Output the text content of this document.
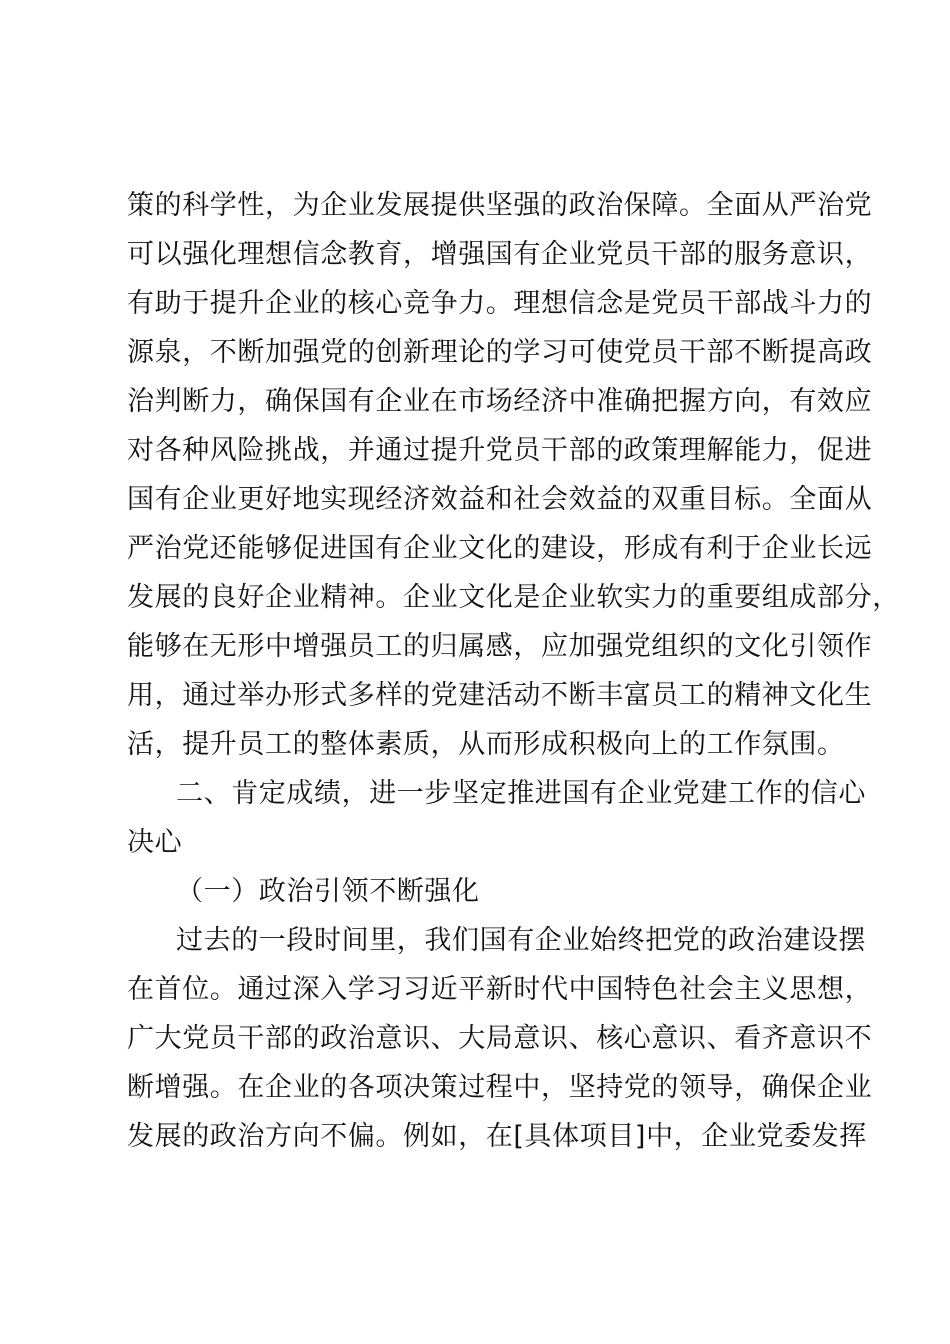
策的科学性，为企业发展提供坚强的政治保障。全面从严治党
可以强化理想信念教育，增强国有企业党员干部的服务意识，
有助于提升企业的核心竞争力。理想信念是党员干部战斗力的
源泉，不断加强党的创新理论的学习可使党员干部不断提高政
治判断力，确保国有企业在市场经济中准确把握方向，有效应
对各种风险挑战，并通过提升党员干部的政策理解能力，促进
国有企业更好地实现经济效益和社会效益的双重目标。全面从
严治党还能够促进国有企业文化的建设，形成有利于企业长远
发展的良好企业精神。企业文化是企业软实力的重要组成部分，
能够在无形中增强员工的归属感，应加强党组织的文化引领作
用，通过举办形式多样的党建活动不断丰富员工的精神文化生
活，提升员工的整体素质，从而形成积极向上的工作氛围。
二、肯定成绩，进一步坚定推进国有企业党建工作的信心
决心
（一）政治引领不断强化
过去的一段时间里，我们国有企业始终把党的政治建设摆
在首位。通过深入学习习近平新时代中国特色社会主义思想，
广大党员干部的政治意识、大局意识、核心意识、看齐意识不
断增强。在企业的各项决策过程中，坚持党的领导，确保企业
发展的政治方向不偏。例如，在[具体项目]中，企业党委发挥
